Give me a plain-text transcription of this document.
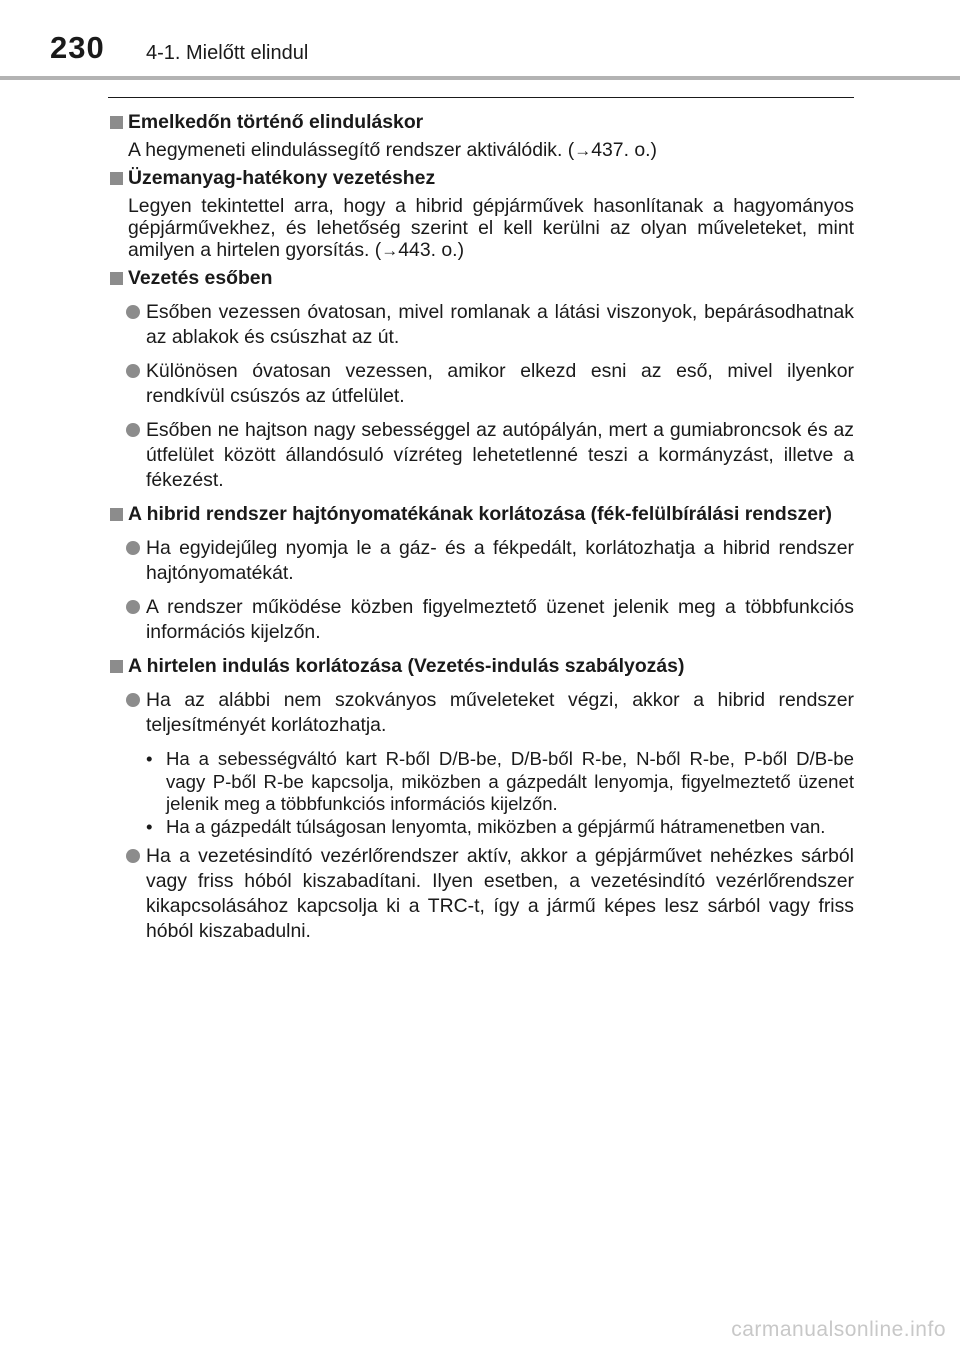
230 4-1. Mielőtt elindul
Emelkedőn történő elinduláskor
A hegymeneti elindulássegítő rendszer aktiválódik. (→437. o.)
Üzemanyag-hatékony vezetéshez
Legyen tekintettel arra, hogy a hibrid gépjárművek hasonlítanak a hagyományos gépjárművekhez, és lehetőség szerint el kell kerülni az olyan műveleteket, mint amilyen a hirtelen gyorsítás. (→443. o.)
Vezetés esőben
Esőben vezessen óvatosan, mivel romlanak a látási viszonyok, bepárásodhatnak az ablakok és csúszhat az út.
Különösen óvatosan vezessen, amikor elkezd esni az eső, mivel ilyenkor rendkívül csúszós az útfelület.
Esőben ne hajtson nagy sebességgel az autópályán, mert a gumiabroncsok és az útfelület között állandósuló vízréteg lehetetlenné teszi a kormányzást, illetve a fékezést.
A hibrid rendszer hajtónyomatékának korlátozása (fék-felülbírálási rendszer)
Ha egyidejűleg nyomja le a gáz- és a fékpedált, korlátozhatja a hibrid rendszer hajtónyomatékát.
A rendszer működése közben figyelmeztető üzenet jelenik meg a többfunkciós információs kijelzőn.
A hirtelen indulás korlátozása (Vezetés-indulás szabályozás)
Ha az alábbi nem szokványos műveleteket végzi, akkor a hibrid rendszer teljesítményét korlátozhatja.
• Ha a sebességváltó kart R-ből D/B-be, D/B-ből R-be, N-ből R-be, P-ből D/B-be vagy P-ből R-be kapcsolja, miközben a gázpedált lenyomja, figyelmeztető üzenet jelenik meg a többfunkciós információs kijelzőn.
• Ha a gázpedált túlságosan lenyomta, miközben a gépjármű hátramenetben van.
Ha a vezetésindító vezérlőrendszer aktív, akkor a gépjárművet nehézkes sárból vagy friss hóból kiszabadítani. Ilyen esetben, a vezetésindító vezérlőrendszer kikapcsolásához kapcsolja ki a TRC-t, így a jármű képes lesz sárból vagy friss hóból kiszabadulni.
carmanualsonline.info
